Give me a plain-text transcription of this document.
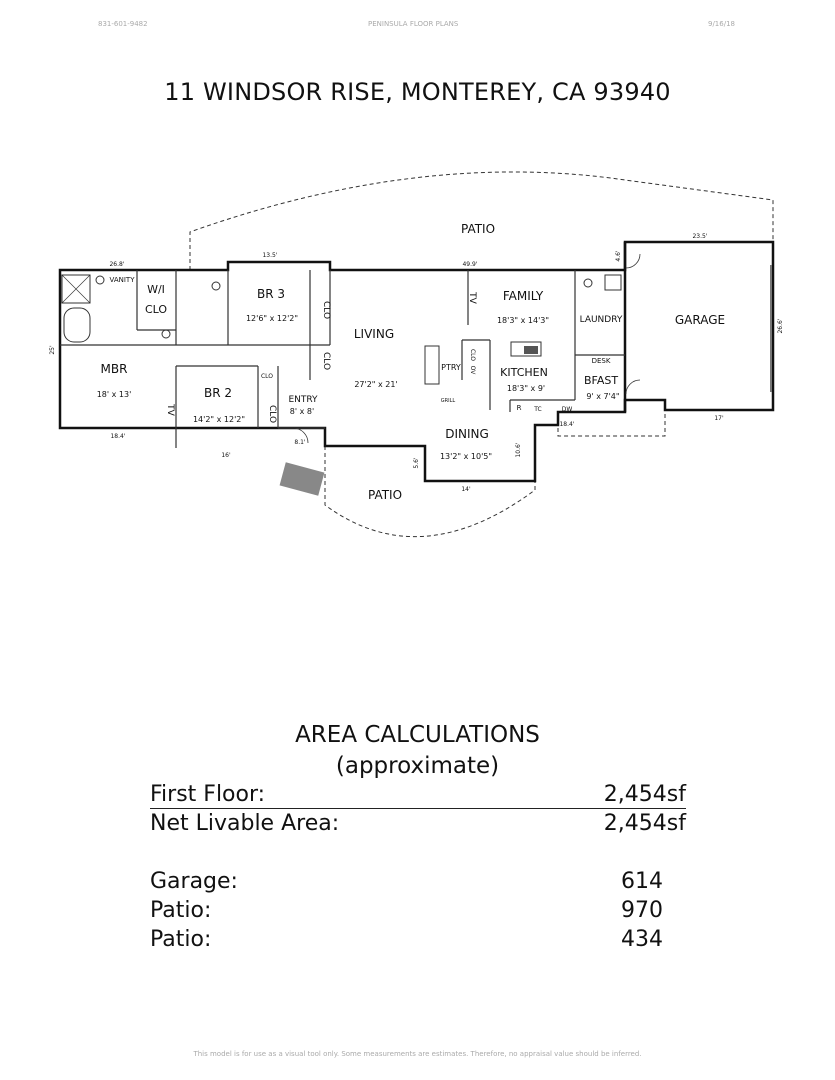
831-601-9482	PENINSULA FLOOR PLANS	9/16/18
11 WINDSOR RISE, MONTEREY, CA 93940
PATIO
PATIO
GARAGE
FAMILY
18'3" x 14'3"	LAUNDRY
LIVING
27'2" x 21'
BR 3
12'6" x 12'2"
W/I
CLO
VANITY
MBR
18' x 13'	BR 2
14'2" x 12'2"
ENTRY
8' x 8'
KITCHEN
18'3" x 9'
BFAST
9' x 7'4"
DESK
DINING
13'2" x 10'5"
PTRY
GRILL
R TC	DW
CLO
CLO
CLO
CLO
CLO
OV
TV
TV
23.5'
49.9'
13.5'
26.8'
25'
4.6'
26.6'
17'
18.4'
18.4'
16'
8.1'
5.6'
14'
10.6'
AREA CALCULATIONS
(approximate)
First Floor:	2,454sf
Net Livable Area:	2,454sf
Garage:	614
Patio:	970
Patio:	434
This model is for use as a visual tool only. Some measurements are estimates. Therefore, no appraisal value should be inferred.
